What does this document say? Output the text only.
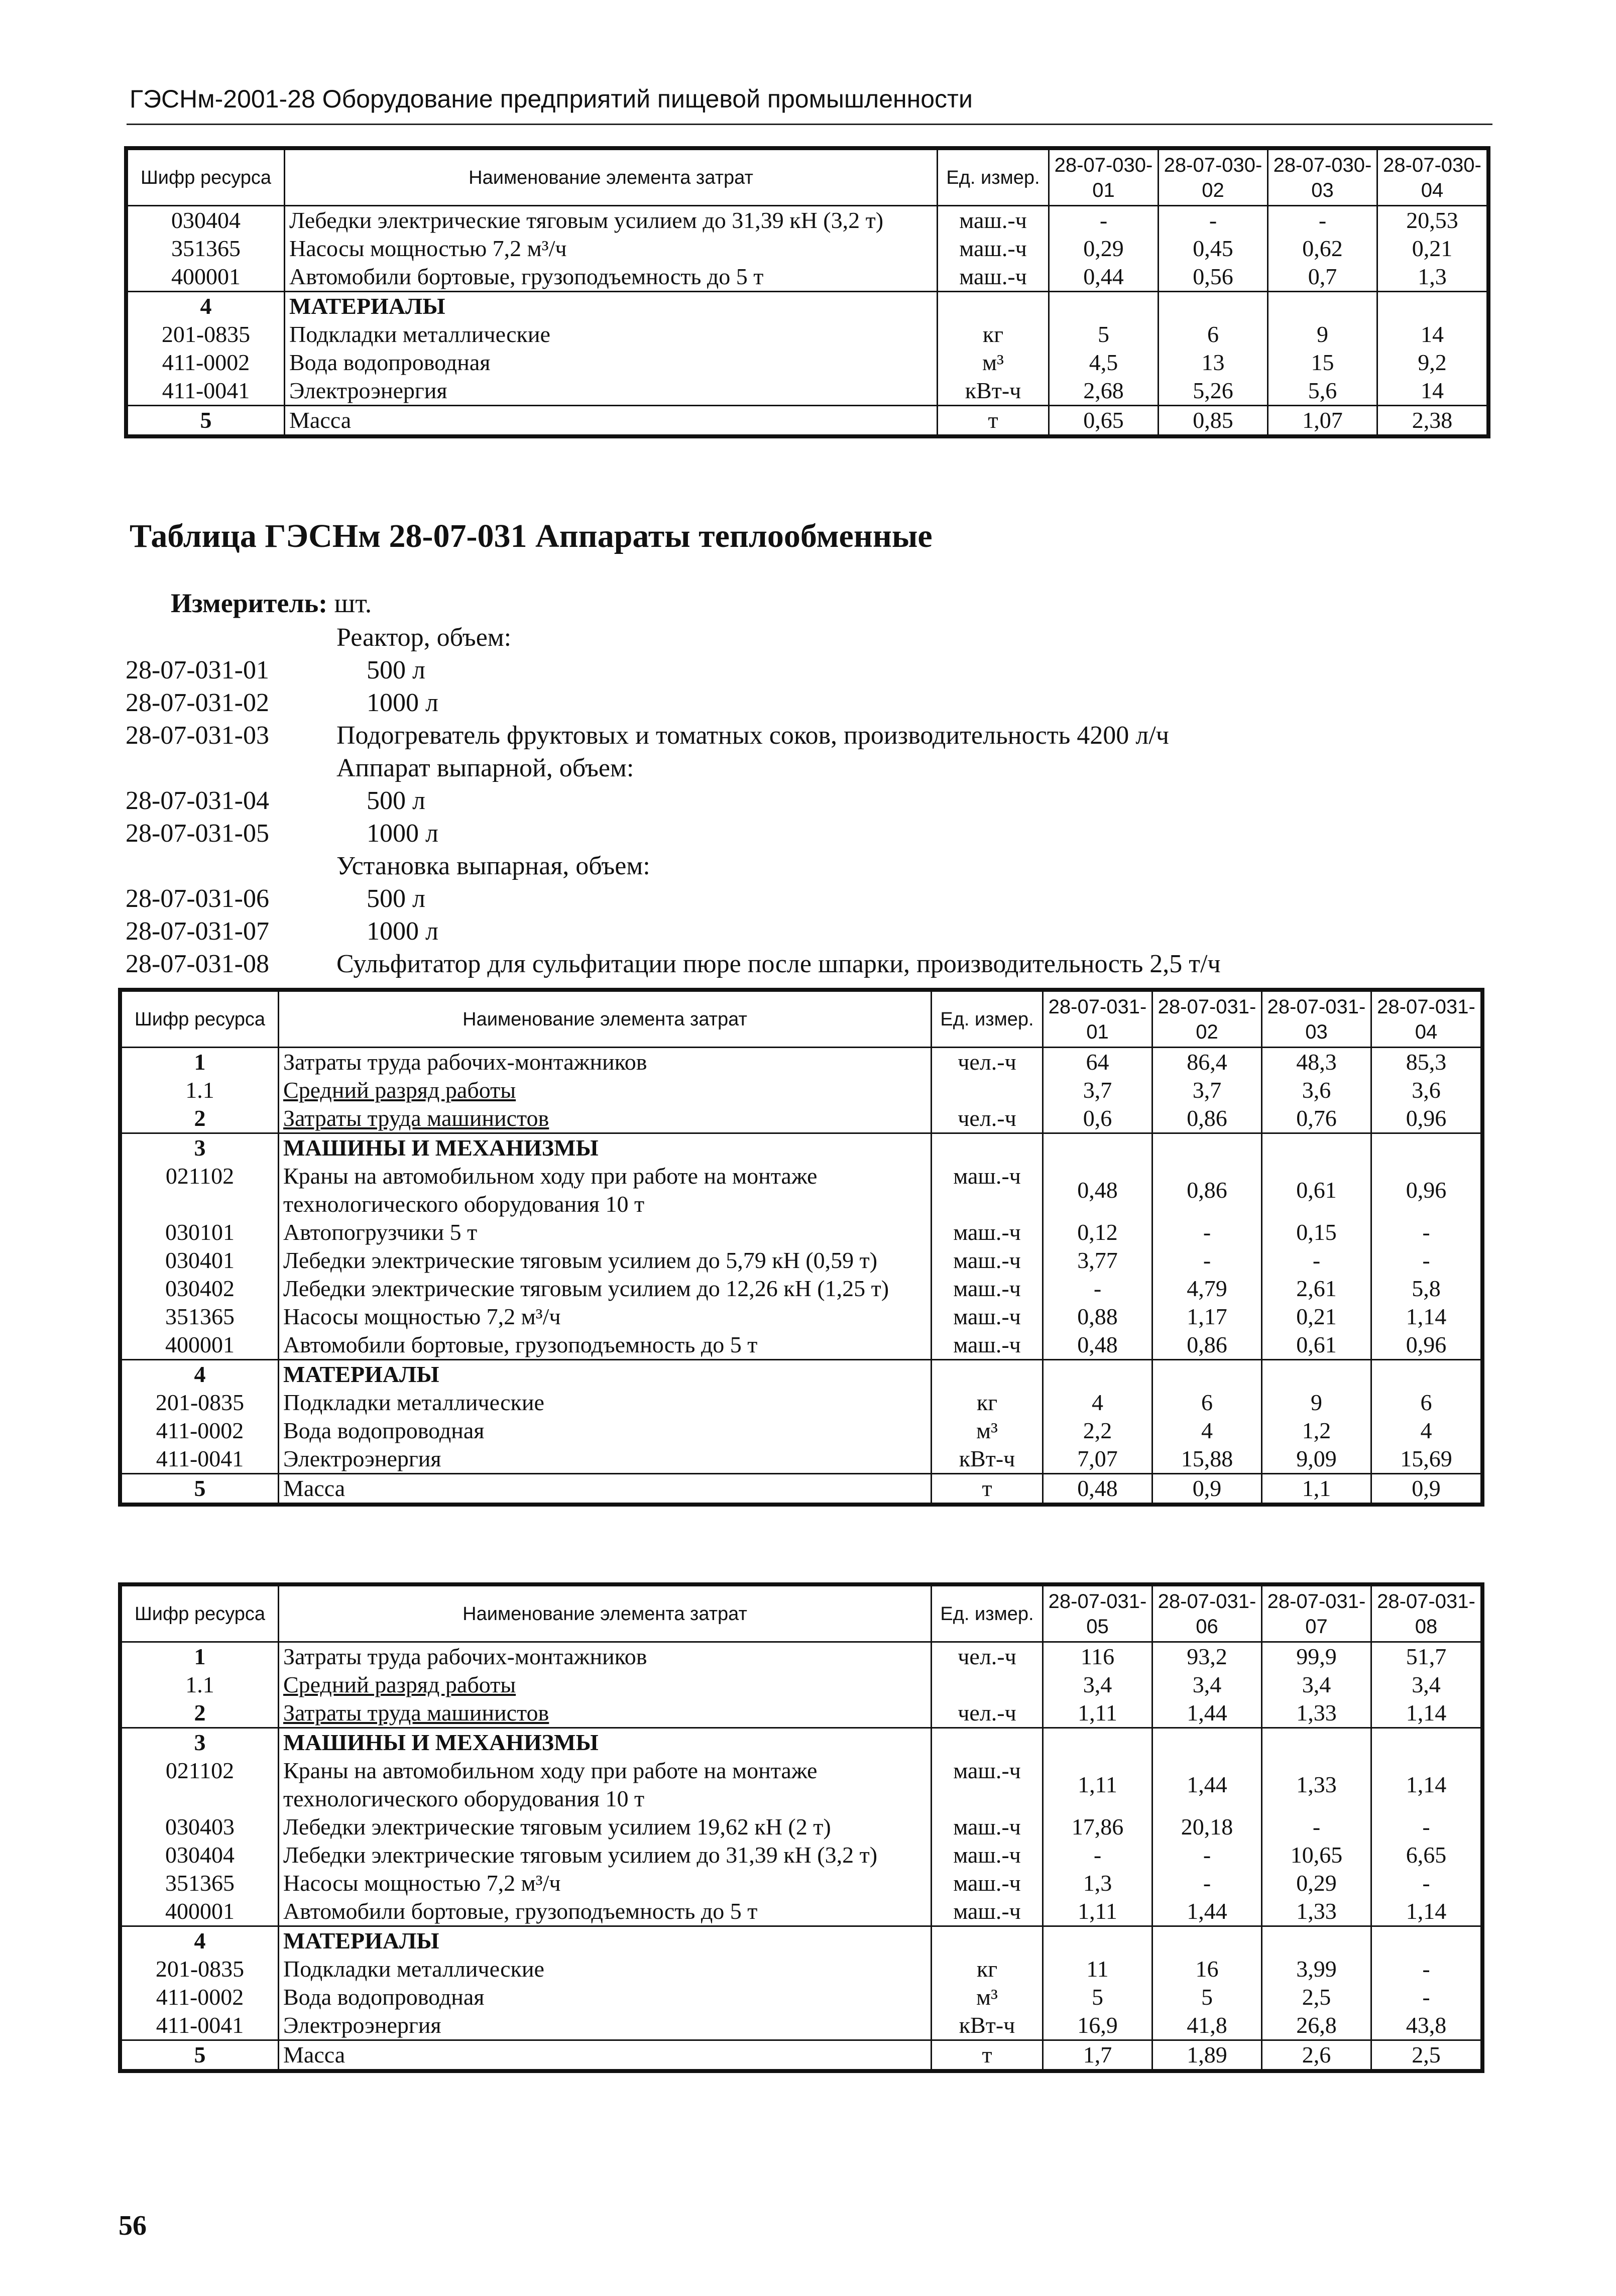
ГЭСНм-2001-28 Оборудование предприятий пищевой промышленности
Шифр ресурса	Наименование элемента затрат	Ед. измер.	28-07-030-01	28-07-030-02	28-07-030-03	28-07-030-04
030404	Лебедки электрические тяговым усилием до 31,39 кН (3,2 т)	маш.-ч	-	-	-	20,53
351365	Насосы мощностью 7,2 м³/ч	маш.-ч	0,29	0,45	0,62	0,21
400001	Автомобили бортовые, грузоподъемность до 5 т	маш.-ч	0,44	0,56	0,7	1,3
4	МАТЕРИАЛЫ					
201-0835	Подкладки металлические	кг	5	6	9	14
411-0002	Вода водопроводная	м³	4,5	13	15	9,2
411-0041	Электроэнергия	кВт-ч	2,68	5,26	5,6	14
5	Масса	т	0,65	0,85	1,07	2,38
Таблица ГЭСНм 28-07-031 Аппараты теплообменные
Измеритель: шт.
Реактор, объем:
28-07-031-01	500 л
28-07-031-02	1000 л
28-07-031-03	Подогреватель фруктовых и томатных соков, производительность 4200 л/ч
Аппарат выпарной, объем:
28-07-031-04	500 л
28-07-031-05	1000 л
Установка выпарная, объем:
28-07-031-06	500 л
28-07-031-07	1000 л
28-07-031-08	Сульфитатор для сульфитации пюре после шпарки, производительность 2,5 т/ч
Шифр ресурса	Наименование элемента затрат	Ед. измер.	28-07-031-01	28-07-031-02	28-07-031-03	28-07-031-04
1	Затраты труда рабочих-монтажников	чел.-ч	64	86,4	48,3	85,3
1.1	Средний разряд работы		3,7	3,7	3,6	3,6
2	Затраты труда машинистов	чел.-ч	0,6	0,86	0,76	0,96
3	МАШИНЫ И МЕХАНИЗМЫ					
021102	Краны на автомобильном ходу при работе на монтаже технологического оборудования 10 т	маш.-ч	0,48	0,86	0,61	0,96
030101	Автопогрузчики 5 т	маш.-ч	0,12	-	0,15	-
030401	Лебедки электрические тяговым усилием до 5,79 кН (0,59 т)	маш.-ч	3,77	-	-	-
030402	Лебедки электрические тяговым усилием до 12,26 кН (1,25 т)	маш.-ч	-	4,79	2,61	5,8
351365	Насосы мощностью 7,2 м³/ч	маш.-ч	0,88	1,17	0,21	1,14
400001	Автомобили бортовые, грузоподъемность до 5 т	маш.-ч	0,48	0,86	0,61	0,96
4	МАТЕРИАЛЫ					
201-0835	Подкладки металлические	кг	4	6	9	6
411-0002	Вода водопроводная	м³	2,2	4	1,2	4
411-0041	Электроэнергия	кВт-ч	7,07	15,88	9,09	15,69
5	Масса	т	0,48	0,9	1,1	0,9
Шифр ресурса	Наименование элемента затрат	Ед. измер.	28-07-031-05	28-07-031-06	28-07-031-07	28-07-031-08
1	Затраты труда рабочих-монтажников	чел.-ч	116	93,2	99,9	51,7
1.1	Средний разряд работы		3,4	3,4	3,4	3,4
2	Затраты труда машинистов	чел.-ч	1,11	1,44	1,33	1,14
3	МАШИНЫ И МЕХАНИЗМЫ					
021102	Краны на автомобильном ходу при работе на монтаже технологического оборудования 10 т	маш.-ч	1,11	1,44	1,33	1,14
030403	Лебедки электрические тяговым усилием 19,62 кН (2 т)	маш.-ч	17,86	20,18	-	-
030404	Лебедки электрические тяговым усилием до 31,39 кН (3,2 т)	маш.-ч	-	-	10,65	6,65
351365	Насосы мощностью 7,2 м³/ч	маш.-ч	1,3	-	0,29	-
400001	Автомобили бортовые, грузоподъемность до 5 т	маш.-ч	1,11	1,44	1,33	1,14
4	МАТЕРИАЛЫ					
201-0835	Подкладки металлические	кг	11	16	3,99	-
411-0002	Вода водопроводная	м³	5	5	2,5	-
411-0041	Электроэнергия	кВт-ч	16,9	41,8	26,8	43,8
5	Масса	т	1,7	1,89	2,6	2,5
56
